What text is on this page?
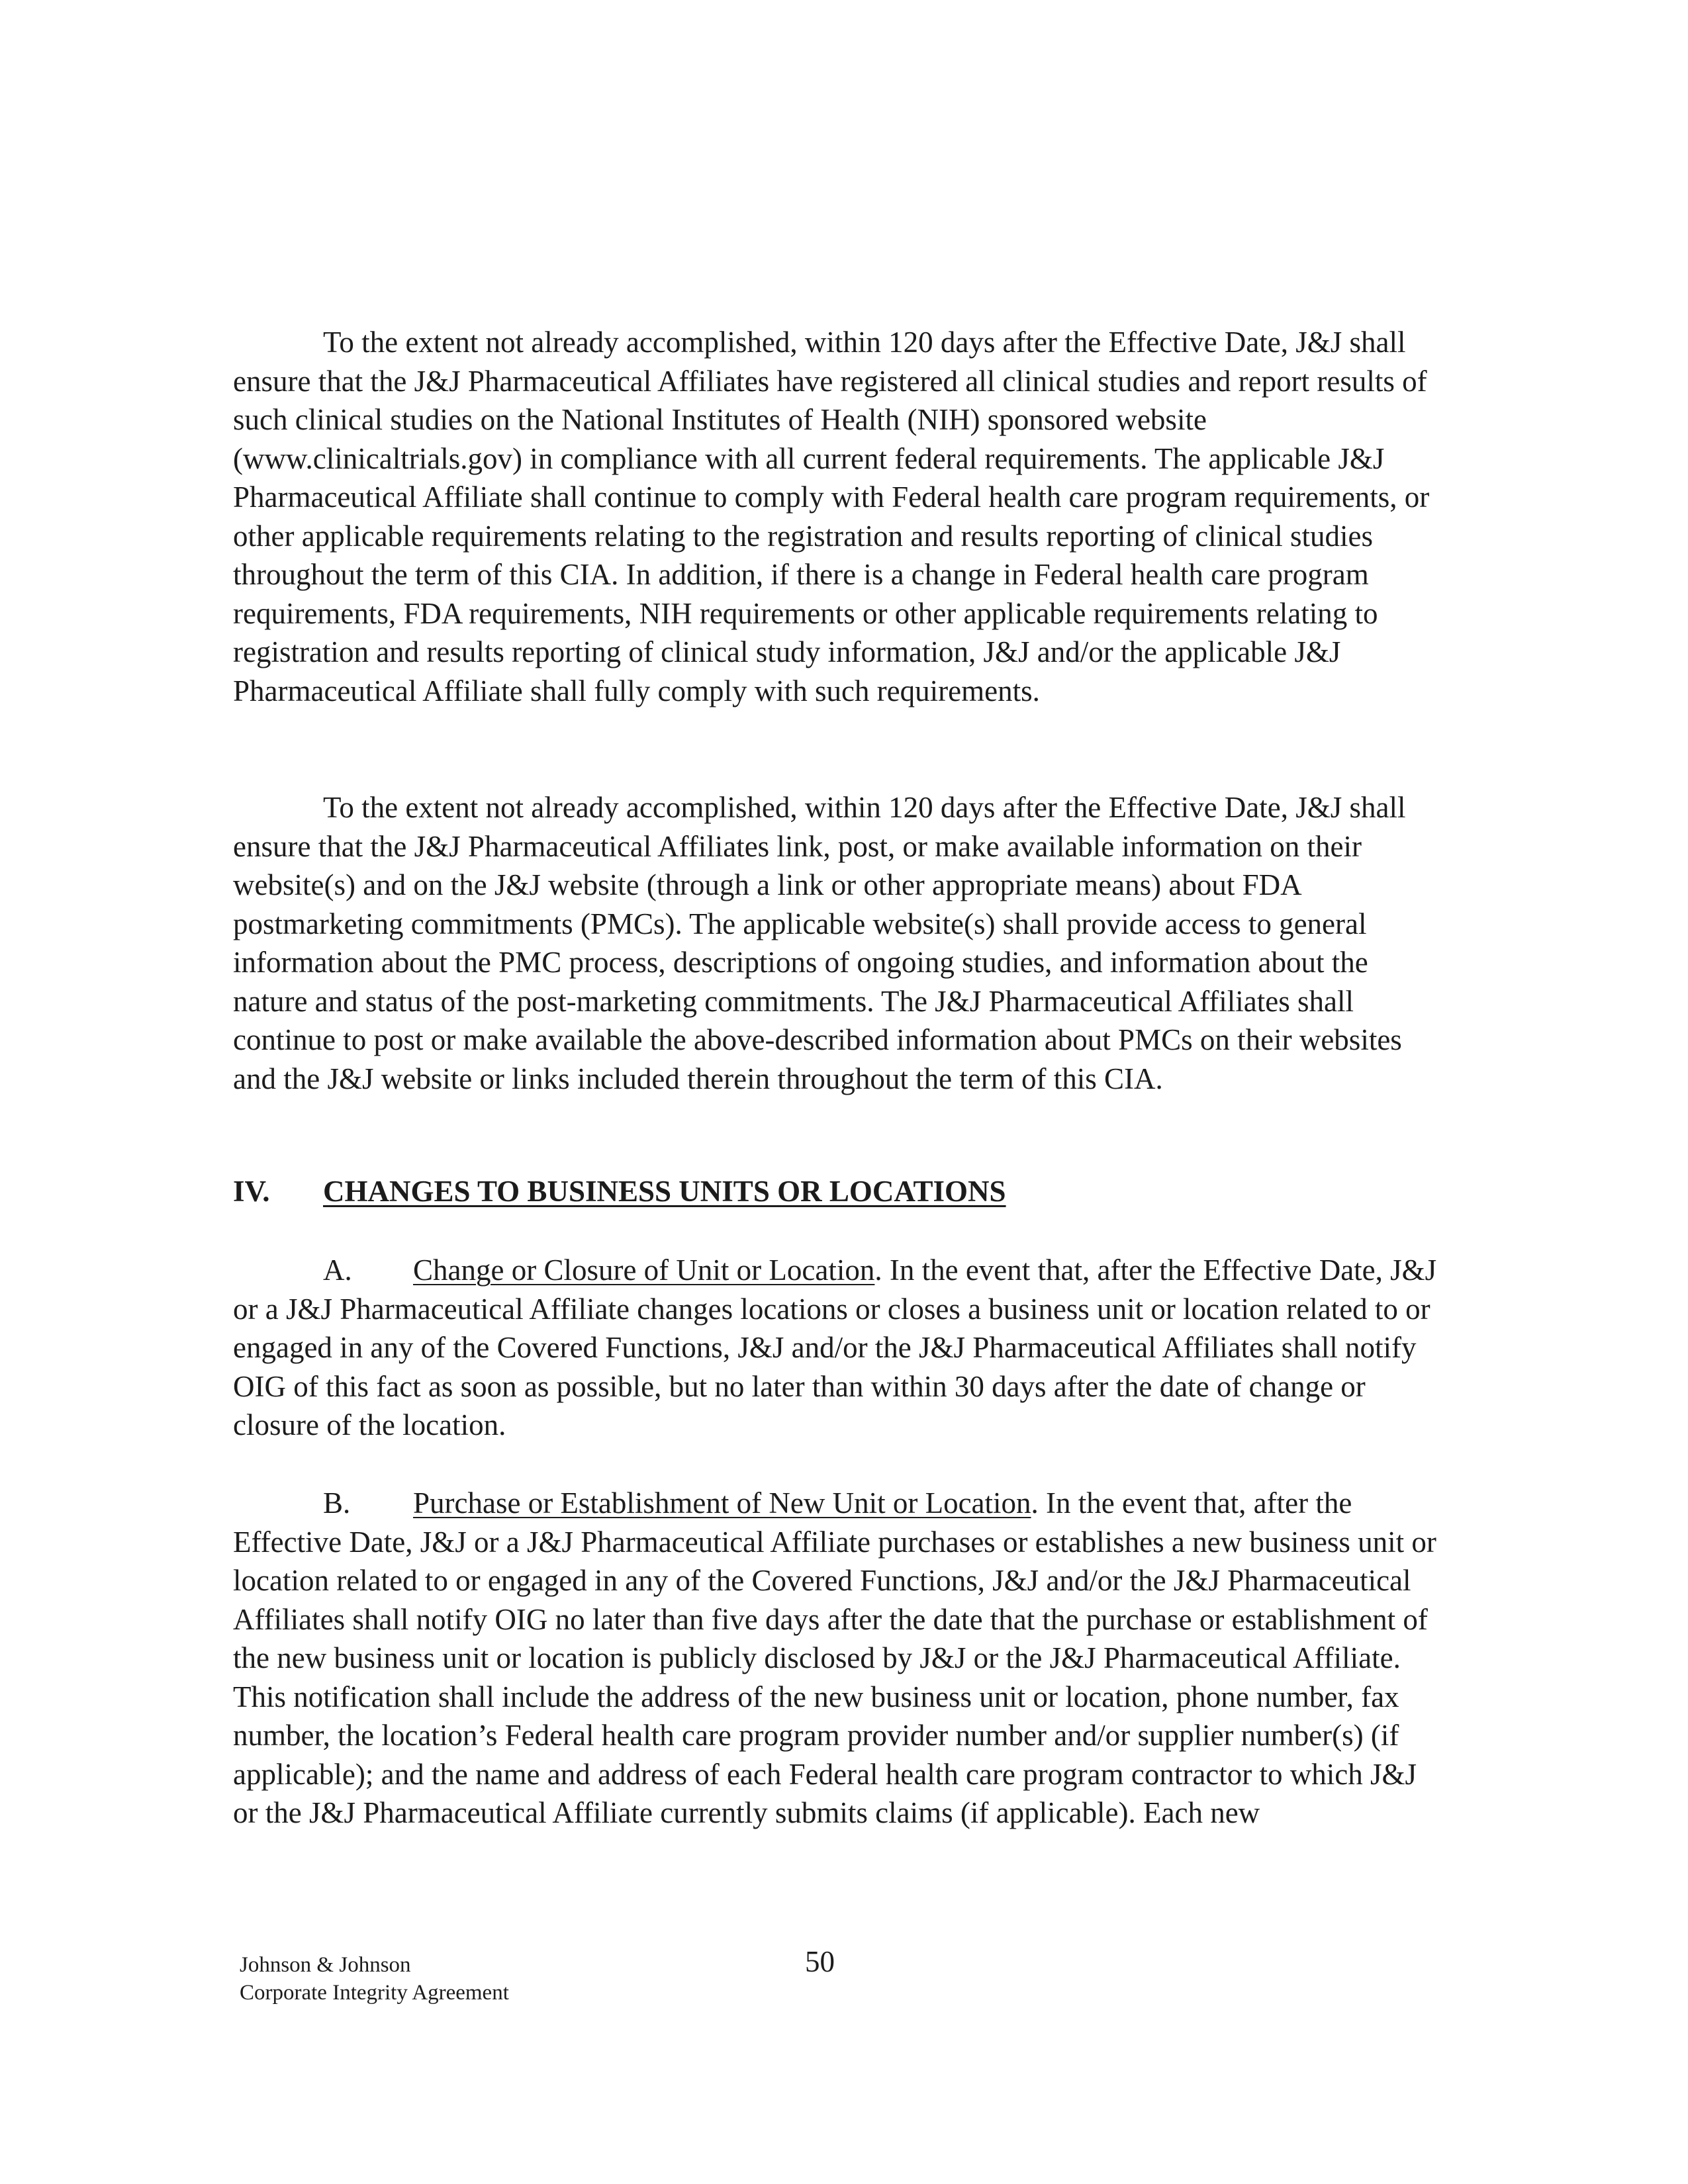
To the extent not already accomplished, within 120 days after the Effective Date, J&J shall ensure that the J&J Pharmaceutical Affiliates have registered all clinical studies and report results of such clinical studies on the National Institutes of Health (NIH) sponsored website (www.clinicaltrials.gov) in compliance with all current federal requirements. The applicable J&J Pharmaceutical Affiliate shall continue to comply with Federal health care program requirements, or other applicable requirements relating to the registration and results reporting of clinical studies throughout the term of this CIA. In addition, if there is a change in Federal health care program requirements, FDA requirements, NIH requirements or other applicable requirements relating to registration and results reporting of clinical study information, J&J and/or the applicable J&J Pharmaceutical Affiliate shall fully comply with such requirements.

To the extent not already accomplished, within 120 days after the Effective Date, J&J shall ensure that the J&J Pharmaceutical Affiliates link, post, or make available information on their website(s) and on the J&J website (through a link or other appropriate means) about FDA postmarketing commitments (PMCs). The applicable website(s) shall provide access to general information about the PMC process, descriptions of ongoing studies, and information about the nature and status of the post-marketing commitments. The J&J Pharmaceutical Affiliates shall continue to post or make available the above-described information about PMCs on their websites and the J&J website or links included therein throughout the term of this CIA.

IV. CHANGES TO BUSINESS UNITS OR LOCATIONS

A. Change or Closure of Unit or Location. In the event that, after the Effective Date, J&J or a J&J Pharmaceutical Affiliate changes locations or closes a business unit or location related to or engaged in any of the Covered Functions, J&J and/or the J&J Pharmaceutical Affiliates shall notify OIG of this fact as soon as possible, but no later than within 30 days after the date of change or closure of the location.

B. Purchase or Establishment of New Unit or Location. In the event that, after the Effective Date, J&J or a J&J Pharmaceutical Affiliate purchases or establishes a new business unit or location related to or engaged in any of the Covered Functions, J&J and/or the J&J Pharmaceutical Affiliates shall notify OIG no later than five days after the date that the purchase or establishment of the new business unit or location is publicly disclosed by J&J or the J&J Pharmaceutical Affiliate. This notification shall include the address of the new business unit or location, phone number, fax number, the location’s Federal health care program provider number and/or supplier number(s) (if applicable); and the name and address of each Federal health care program contractor to which J&J or the J&J Pharmaceutical Affiliate currently submits claims (if applicable). Each new

Johnson & Johnson
Corporate Integrity Agreement
50
